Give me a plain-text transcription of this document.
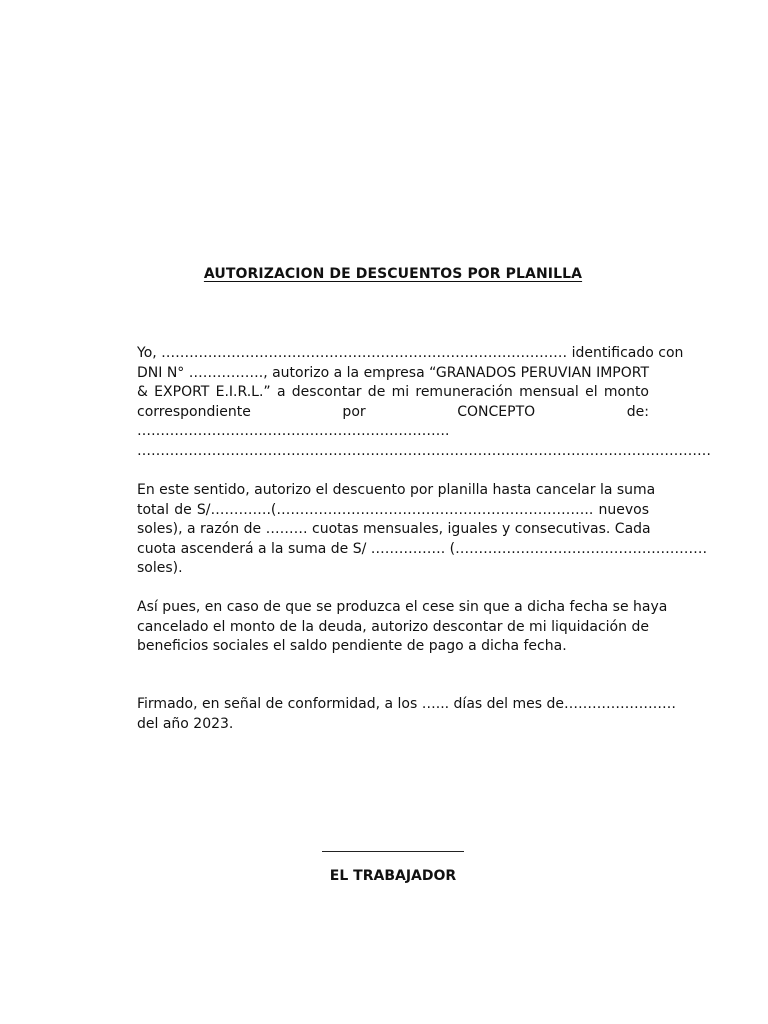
AUTORIZACION DE DESCUENTOS POR PLANILLA
Yo, …………………………………………………………………………… identificado con
DNI N° ……………., autorizo a la empresa “GRANADOS PERUVIAN IMPORT
& EXPORT E.I.R.L.” a descontar de mi remuneración mensual el monto
correspondiente por CONCEPTO de:
………………………………………………………….
……………………………………………………………………………………………………………
En este sentido, autorizo el descuento por planilla hasta cancelar la suma
total de S/………….(………………………………………………………….. nuevos
soles), a razón de ……… cuotas mensuales, iguales y consecutivas. Cada
cuota ascenderá a la suma de S/ ……………. (………………………………………………
soles).
Así pues, en caso de que se produzca el cese sin que a dicha fecha se haya
cancelado el monto de la deuda, autorizo descontar de mi liquidación de
beneficios sociales el saldo pendiente de pago a dicha fecha.
Firmado, en señal de conformidad, a los …... días del mes de……………………
del año 2023.

EL TRABAJADOR
